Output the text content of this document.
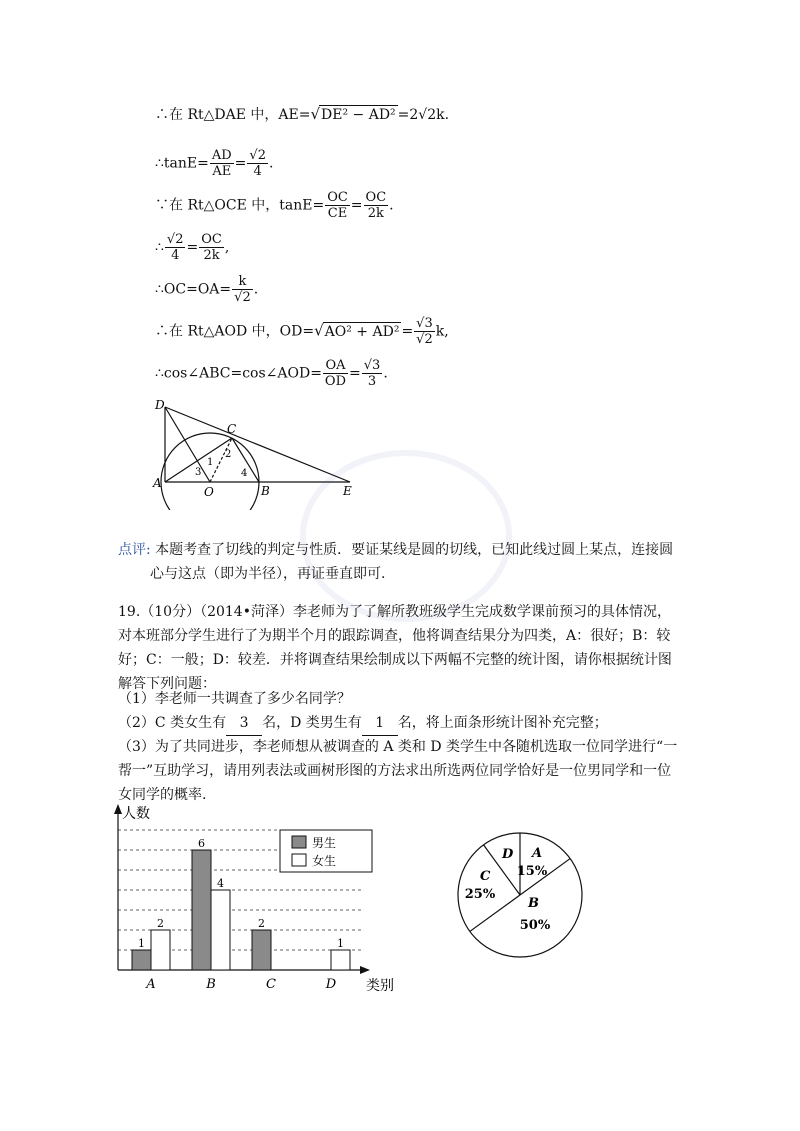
∴在 Rt△DAE 中，AE=√DE² − AD² =2√2k.
∴tanE= $\frac{AD}{AE} = \frac{√2}{4}$ .
∵在 Rt△OCE 中，$\tan E= \frac{OC}{CE} = \frac{OC}{2k}$ .
∴ $\frac{√2}{4} = \frac{OC}{2k}$ ,
∴OC=OA= $\frac{k}{√2}$ .
∴在 Rt△AOD 中，$OD=√AO^2 + AD^2 = \frac{√3}{√2} k$,
∴cos∠ABC=cos∠AOD= $\frac{OA}{OD} = \frac{√3}{3}$ .
D
C
A
O	B	E
1
2
3	4
点评: 本题考查了切线的判定与性质．要证某线是圆的切线，已知此线过圆上某点，连接圆
心与这点（即为半径），再证垂直即可.
19.（10分）（2014•菏泽）李老师为了了解所教班级学生完成数学课前预习的具体情况，对本班部分学生进行了为期半个月的跟踪调查，他将调查结果分为四类，A：很好；B：较好；C：一般；D：较差．并将调查结果绘制成以下两幅不完整的统计图，请你根据统计图解答下列问题：
（1）李老师一共调查了多少名同学？
（2）C 类女生有 3 名，D 类男生有 1 名，将上面条形统计图补充完整；
（3）为了共同进步，李老师想从被调查的 A 类和 D 类学生中各随机选取一位同学进行“一帮一”互助学习，请用列表法或画树形图的方法求出所选两位同学恰好是一位男同学和一位女同学的概率.
人数
类别
男生
女生
1
2
A
6
4
B
2
C
1
D
A
15%
B
50%
C
25%
D
